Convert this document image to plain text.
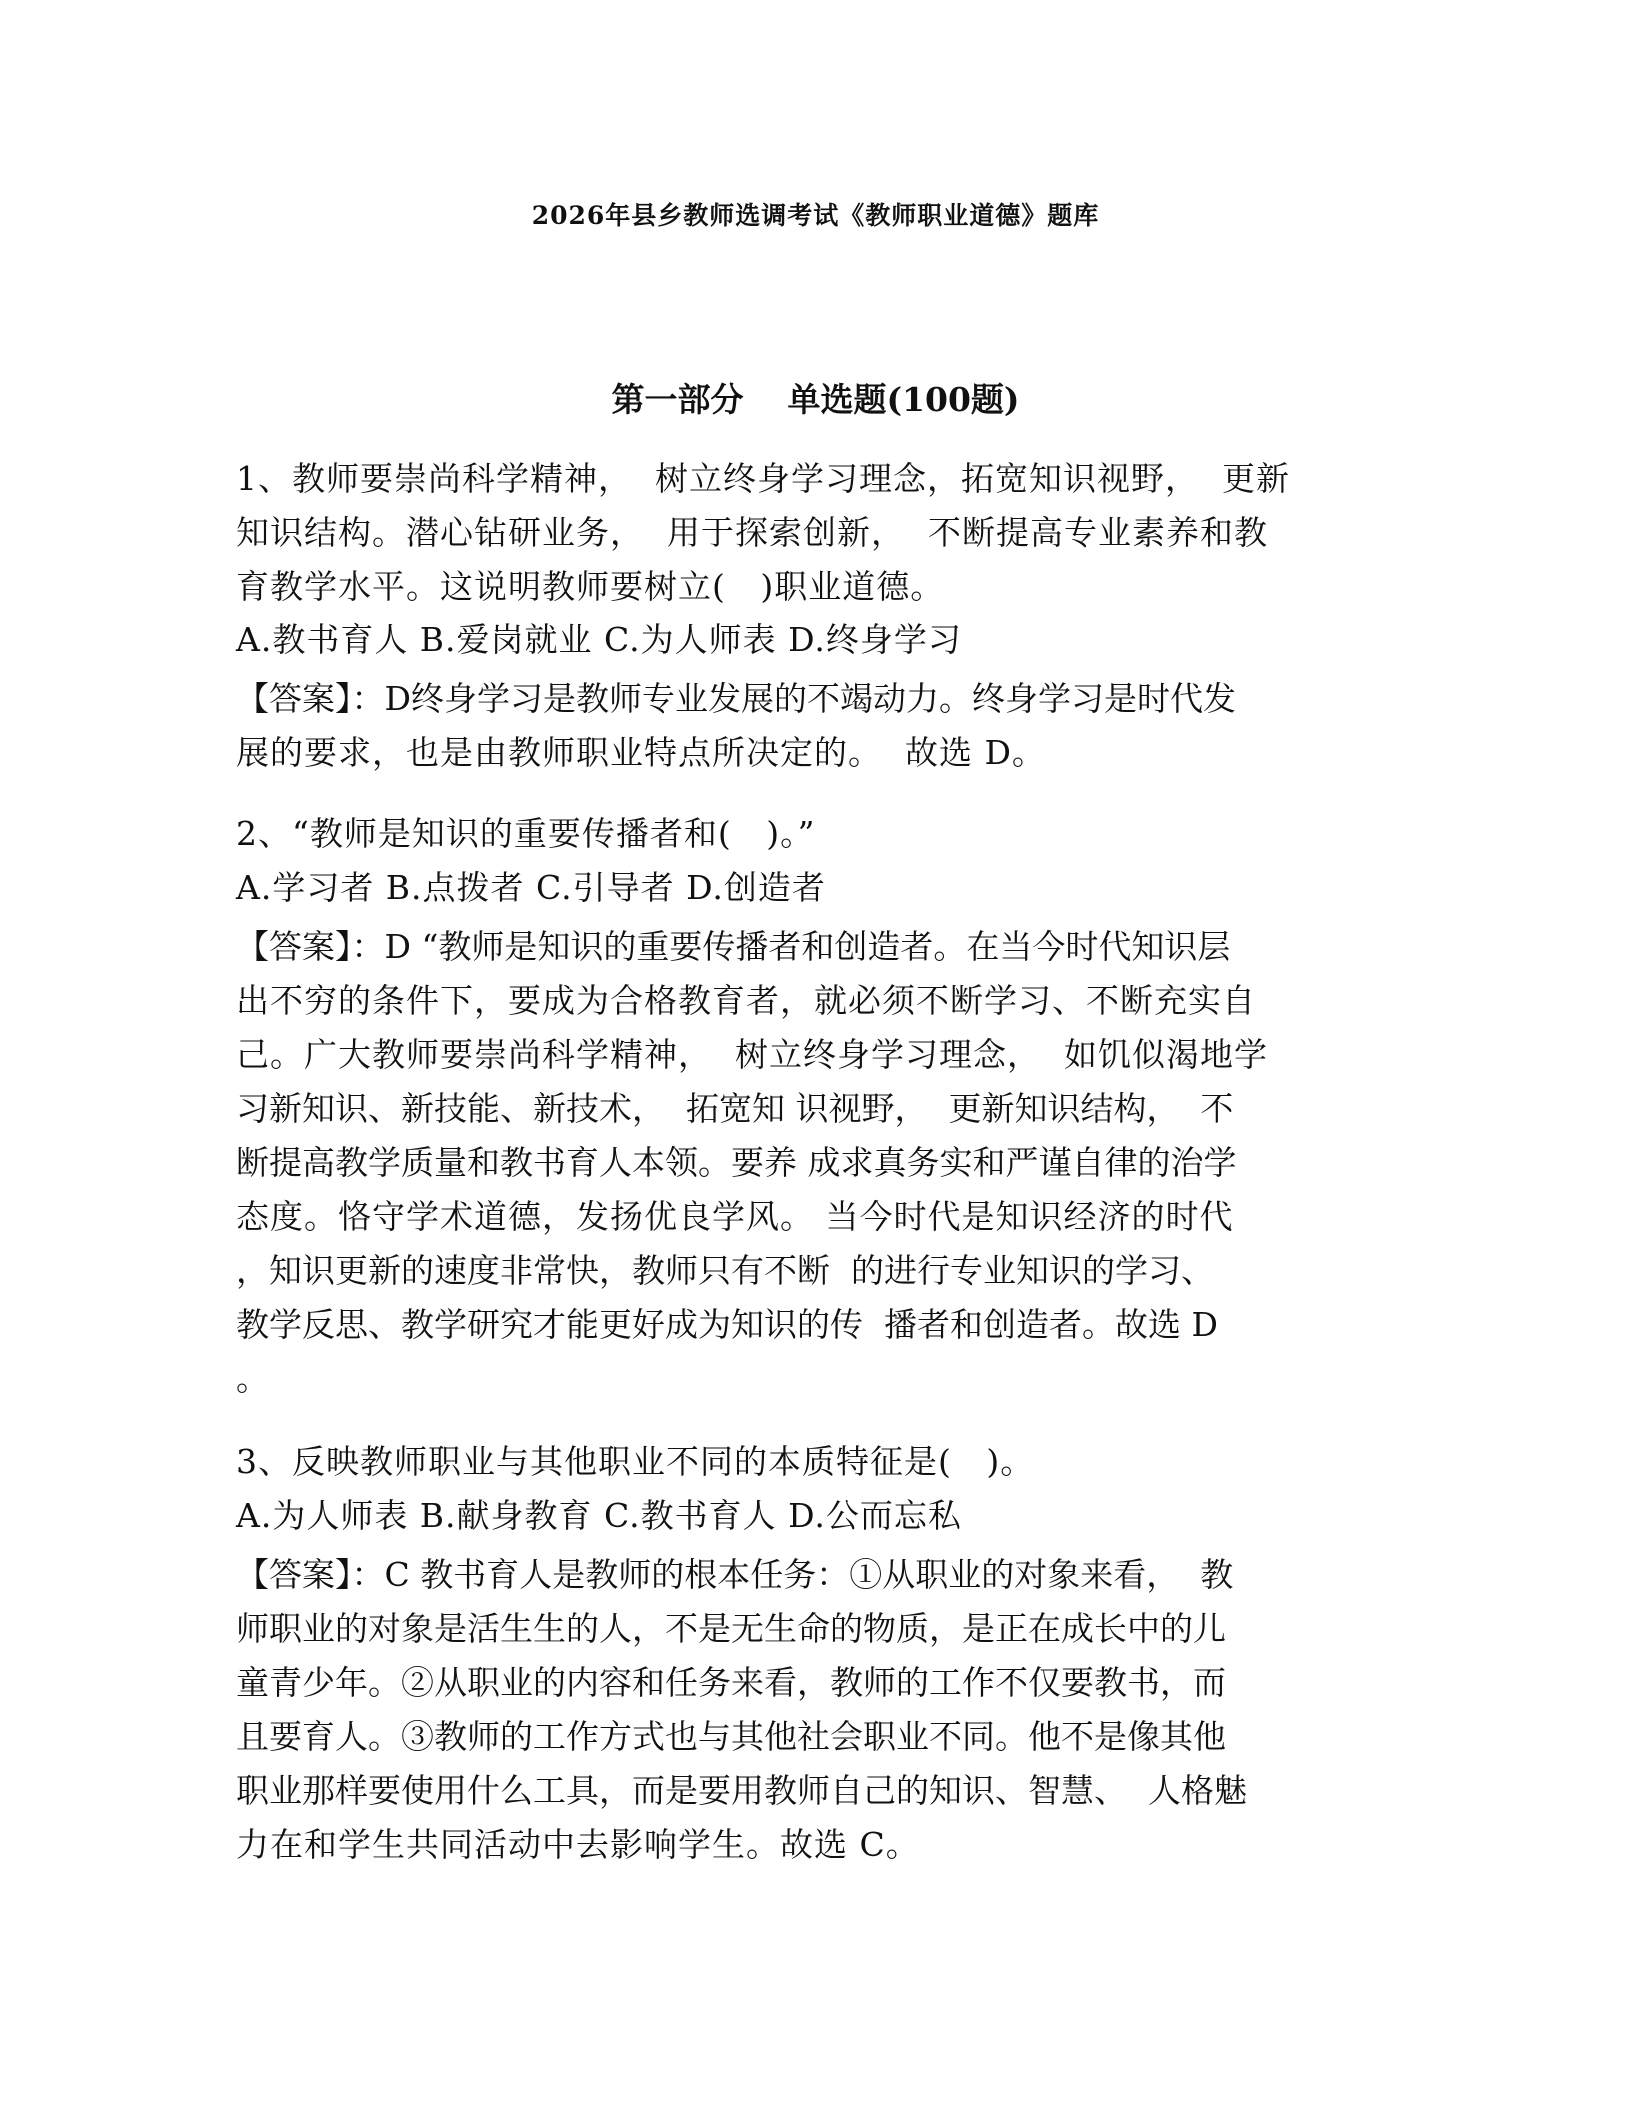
2026年县乡教师选调考试《教师职业道德》题库
第一部分 单选题(100题)
1、教师要崇尚科学精神，  树立终身学习理念，拓宽知识视野，  更新
知识结构。潜心钻研业务，  用于探索创新，  不断提高专业素养和教
育教学水平。这说明教师要树立(   )职业道德。
A.教书育人 B.爱岗就业 C.为人师表 D.终身学习
【答案】：D终身学习是教师专业发展的不竭动力。终身学习是时代发
展的要求，也是由教师职业特点所决定的。  故选 D。
2、“教师是知识的重要传播者和(   )。”
A.学习者 B.点拨者 C.引导者 D.创造者
【答案】：D “教师是知识的重要传播者和创造者。在当今时代知识层
出不穷的条件下，要成为合格教育者，就必须不断学习、不断充实自
己。广大教师要崇尚科学精神，  树立终身学习理念，  如饥似渴地学
习新知识、新技能、新技术，  拓宽知 识视野，  更新知识结构，  不
断提高教学质量和教书育人本领。要养 成求真务实和严谨自律的治学
态度。恪守学术道德，发扬优良学风。 当今时代是知识经济的时代
，知识更新的速度非常快，教师只有不断  的进行专业知识的学习、
教学反思、教学研究才能更好成为知识的传  播者和创造者。故选 D
。
3、反映教师职业与其他职业不同的本质特征是(   )。
A.为人师表 B.献身教育 C.教书育人 D.公而忘私
【答案】：C 教书育人是教师的根本任务：①从职业的对象来看，  教
师职业的对象是活生生的人，不是无生命的物质，是正在成长中的儿
童青少年。②从职业的内容和任务来看，教师的工作不仅要教书，而
且要育人。③教师的工作方式也与其他社会职业不同。他不是像其他
职业那样要使用什么工具，而是要用教师自己的知识、智慧、  人格魅
力在和学生共同活动中去影响学生。故选 C。
